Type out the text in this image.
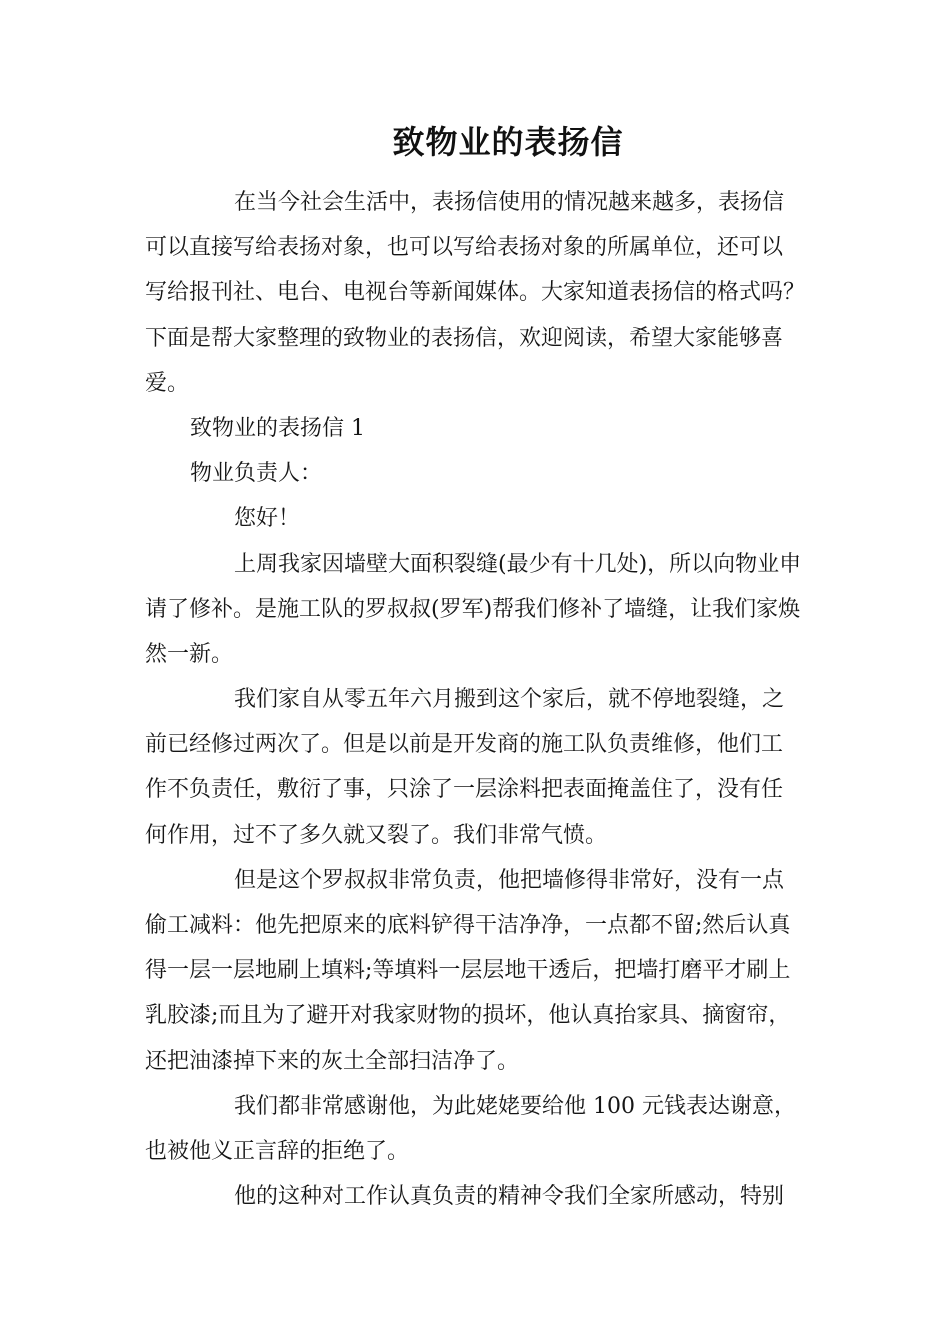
致物业的表扬信

在当今社会生活中，表扬信使用的情况越来越多，表扬信
可以直接写给表扬对象，也可以写给表扬对象的所属单位，还可以
写给报刊社、电台、电视台等新闻媒体。大家知道表扬信的格式吗？
下面是帮大家整理的致物业的表扬信，欢迎阅读，希望大家能够喜
爱。

致物业的表扬信 1

物业负责人：

您好！

上周我家因墙壁大面积裂缝(最少有十几处)，所以向物业申
请了修补。是施工队的罗叔叔(罗军)帮我们修补了墙缝，让我们家焕
然一新。

我们家自从零五年六月搬到这个家后，就不停地裂缝，之
前已经修过两次了。但是以前是开发商的施工队负责维修，他们工
作不负责任，敷衍了事，只涂了一层涂料把表面掩盖住了，没有任
何作用，过不了多久就又裂了。我们非常气愤。

但是这个罗叔叔非常负责，他把墙修得非常好，没有一点
偷工减料：他先把原来的底料铲得干洁净净，一点都不留;然后认真
得一层一层地刷上填料;等填料一层层地干透后，把墙打磨平才刷上
乳胶漆;而且为了避开对我家财物的损坏，他认真抬家具、摘窗帘，
还把油漆掉下来的灰土全部扫洁净了。

我们都非常感谢他，为此姥姥要给他 100 元钱表达谢意，
也被他义正言辞的拒绝了。

他的这种对工作认真负责的精神令我们全家所感动，特别
